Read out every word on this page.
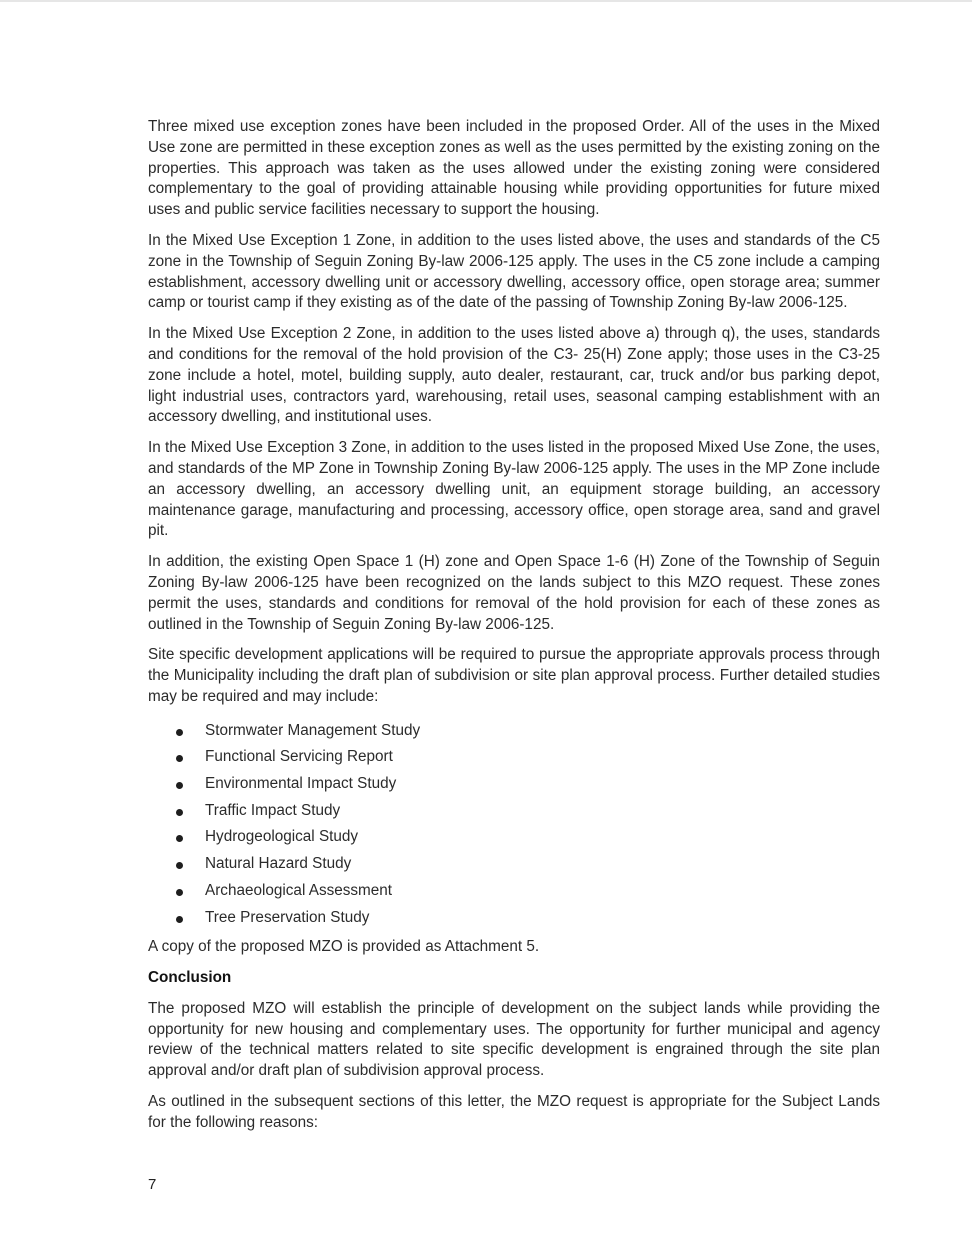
Three mixed use exception zones have been included in the proposed Order. All of the uses in the Mixed Use zone are permitted in these exception zones as well as the uses permitted by the existing zoning on the properties. This approach was taken as the uses allowed under the existing zoning were considered complementary to the goal of providing attainable housing while providing opportunities for future mixed uses and public service facilities necessary to support the housing.

In the Mixed Use Exception 1 Zone, in addition to the uses listed above, the uses and standards of the C5 zone in the Township of Seguin Zoning By-law 2006-125 apply. The uses in the C5 zone include a camping establishment, accessory dwelling unit or accessory dwelling, accessory office, open storage area; summer camp or tourist camp if they existing as of the date of the passing of Township Zoning By-law 2006-125.

In the Mixed Use Exception 2 Zone, in addition to the uses listed above a) through q), the uses, standards and conditions for the removal of the hold provision of the C3- 25(H) Zone apply; those uses in the C3-25 zone include a hotel, motel, building supply, auto dealer, restaurant, car, truck and/or bus parking depot, light industrial uses, contractors yard, warehousing, retail uses, seasonal camping establishment with an accessory dwelling, and institutional uses.

In the Mixed Use Exception 3 Zone, in addition to the uses listed in the proposed Mixed Use Zone, the uses, and standards of the MP Zone in Township Zoning By-law 2006-125 apply. The uses in the MP Zone include an accessory dwelling, an accessory dwelling unit, an equipment storage building, an accessory maintenance garage, manufacturing and processing, accessory office, open storage area, sand and gravel pit.

In addition, the existing Open Space 1 (H) zone and Open Space 1-6 (H) Zone of the Township of Seguin Zoning By-law 2006-125 have been recognized on the lands subject to this MZO request. These zones permit the uses, standards and conditions for removal of the hold provision for each of these zones as outlined in the Township of Seguin Zoning By-law 2006-125.

Site specific development applications will be required to pursue the appropriate approvals process through the Municipality including the draft plan of subdivision or site plan approval process. Further detailed studies may be required and may include:

Stormwater Management Study
Functional Servicing Report
Environmental Impact Study
Traffic Impact Study
Hydrogeological Study
Natural Hazard Study
Archaeological Assessment
Tree Preservation Study

A copy of the proposed MZO is provided as Attachment 5.

Conclusion

The proposed MZO will establish the principle of development on the subject lands while providing the opportunity for new housing and complementary uses. The opportunity for further municipal and agency review of the technical matters related to site specific development is engrained through the site plan approval and/or draft plan of subdivision approval process.

As outlined in the subsequent sections of this letter, the MZO request is appropriate for the Subject Lands for the following reasons:

7
